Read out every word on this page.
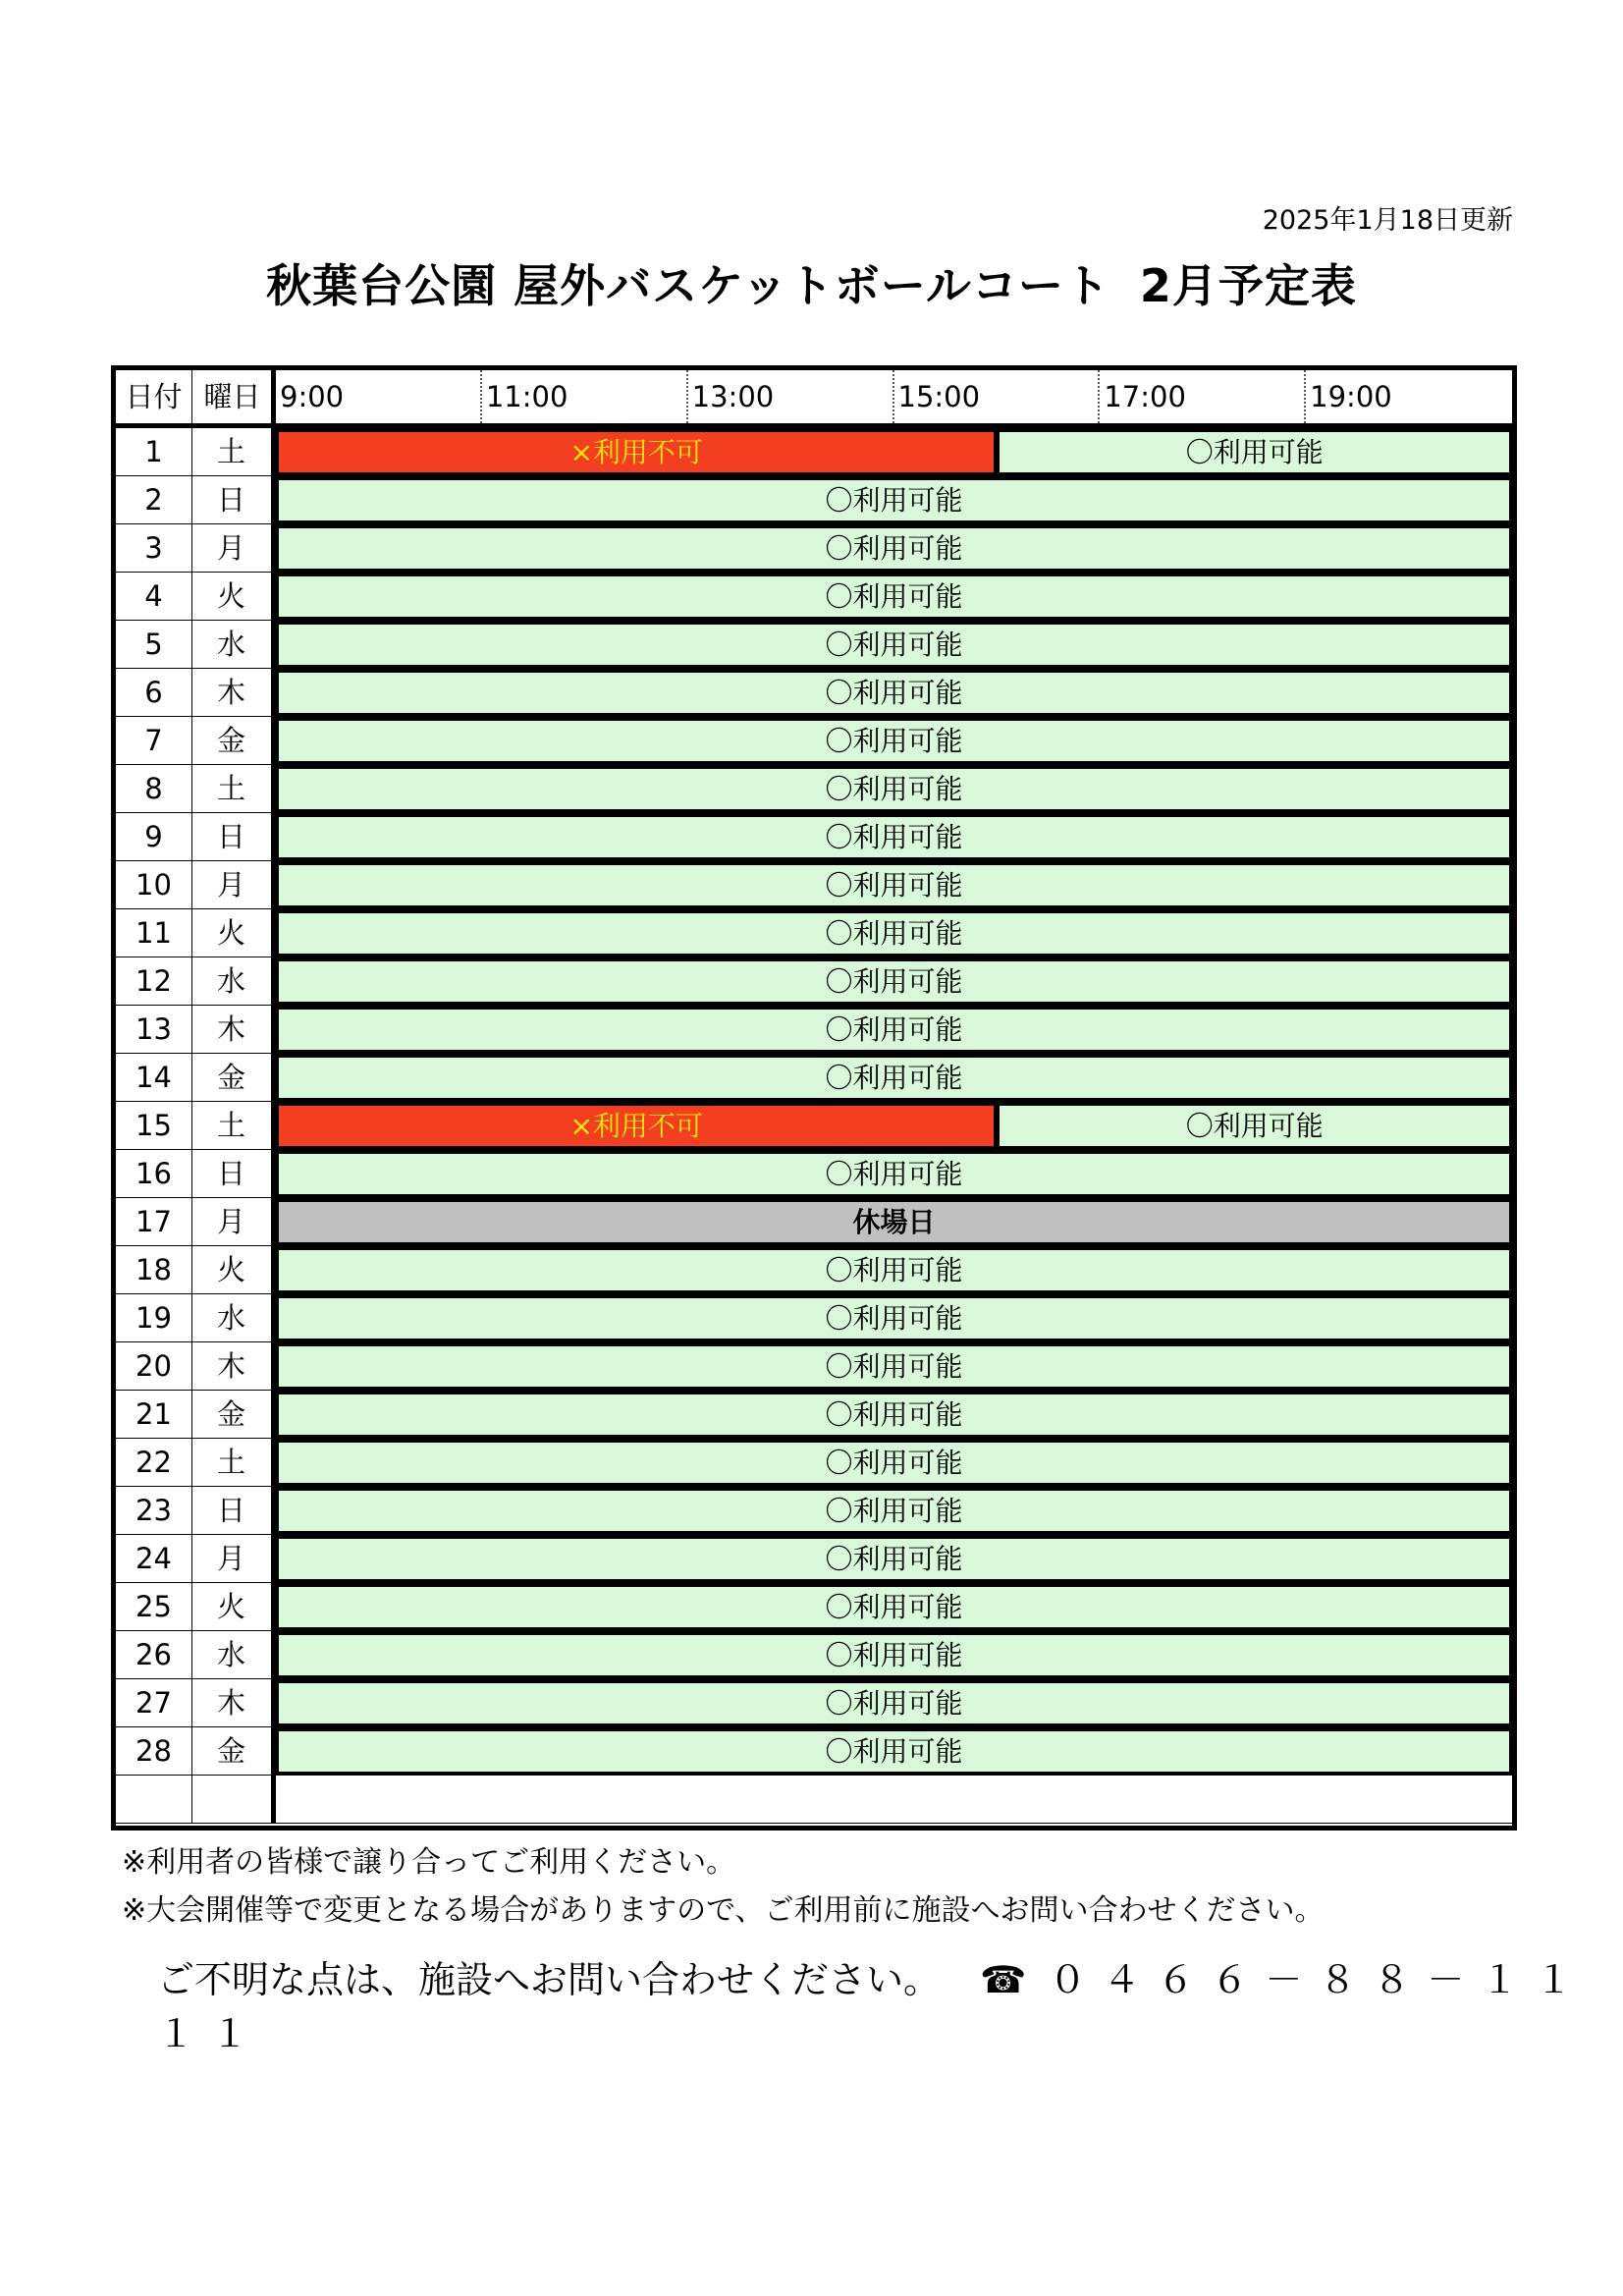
2025年1月18日更新
秋葉台公園 屋外バスケットボールコート 2月予定表
日付 曜日 9:00	11:00	13:00	15:00	17:00	19:00
1	土	×利用不可	〇利用可能
2	日	〇利用可能
3	月	〇利用可能
4	火	〇利用可能
5	水	〇利用可能
6	木	〇利用可能
7	金	〇利用可能
8	土	〇利用可能
9	日	〇利用可能
10	月	〇利用可能
11	火	〇利用可能
12	水	〇利用可能
13	木	〇利用可能
14	金	〇利用可能
15	土	×利用不可	〇利用可能
16	日	〇利用可能
17	月	休場日
18	火	〇利用可能
19	水	〇利用可能
20	木	〇利用可能
21	金	〇利用可能
22	土	〇利用可能
23	日	〇利用可能
24	月	〇利用可能
25	火	〇利用可能
26	水	〇利用可能
27	木	〇利用可能
28	金	〇利用可能
※利用者の皆様で譲り合ってご利用ください。
※大会開催等で変更となる場合がありますので、ご利用前に施設へお問い合わせください。
ご不明な点は、施設へお問い合わせください。 ☎ ０４６６－８８－１１１１
